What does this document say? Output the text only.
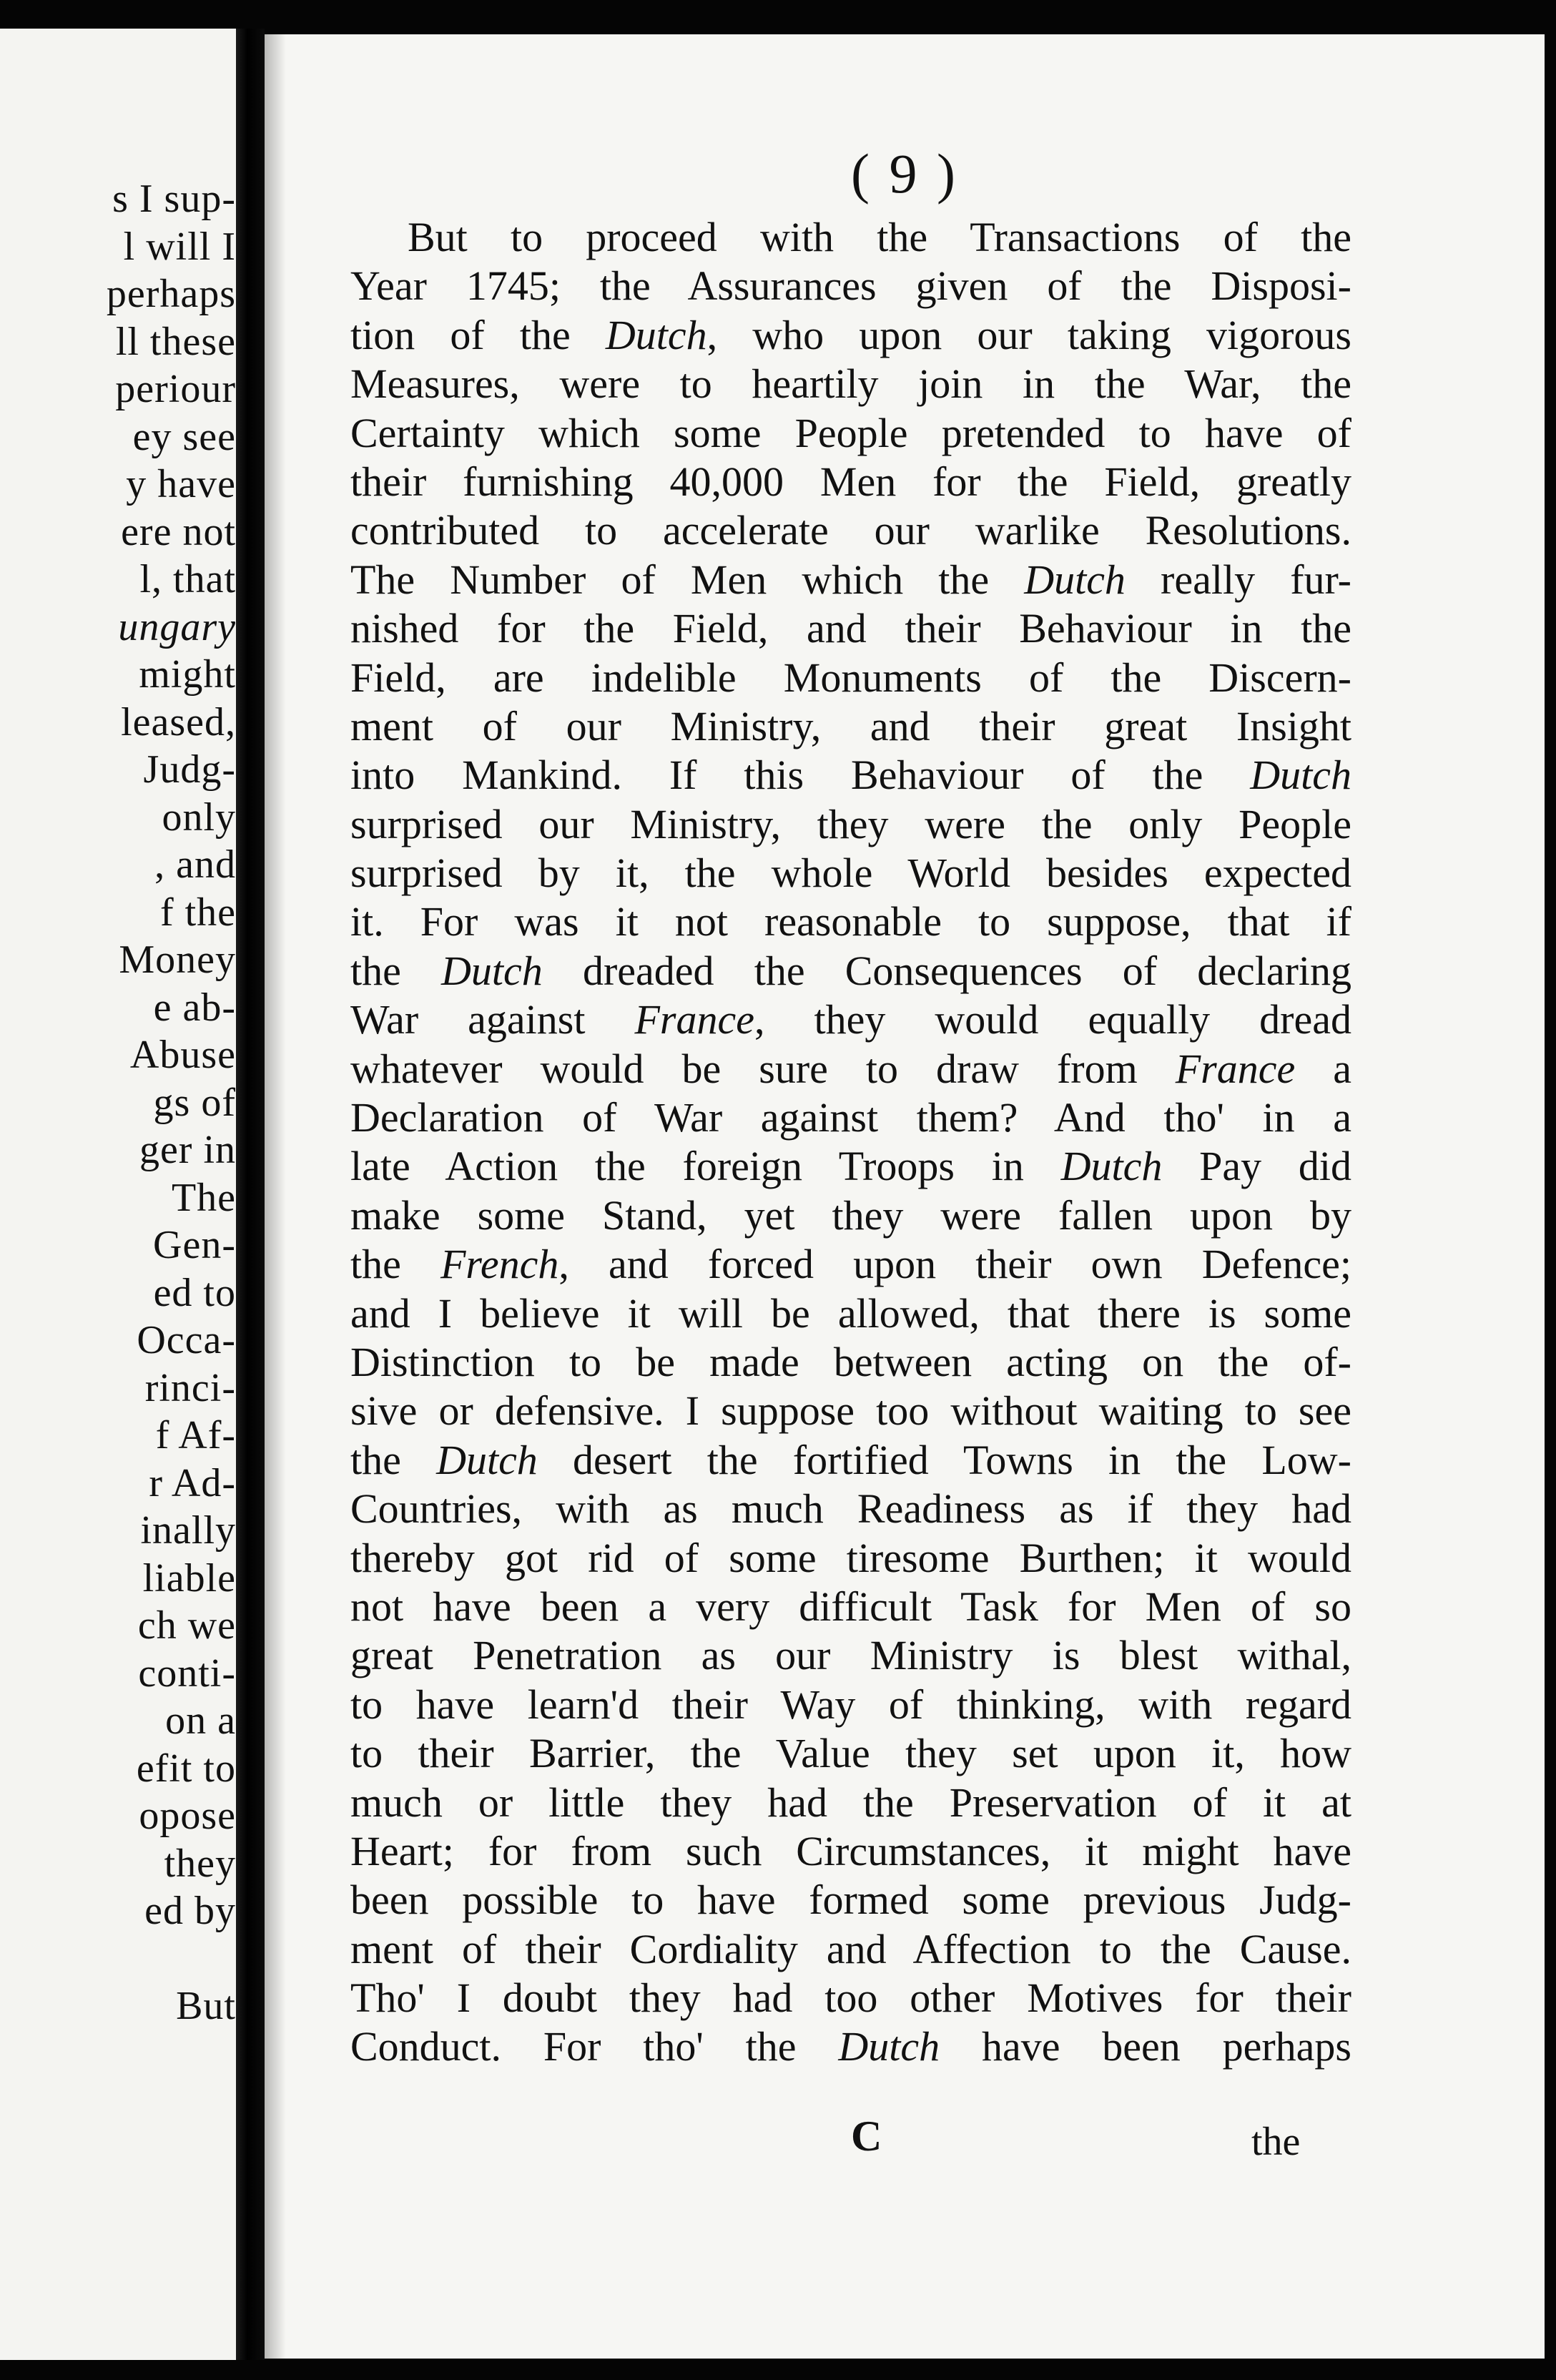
s I sup-
l will I
perhaps
ll these
periour
ey see
y have
ere not
l, that
ungary
might
leased,
Judg-
only
, and
f the
Money
e ab-
Abuse
gs of
ger in
The
Gen-
ed to
Occa-
rinci-
f Af-
r Ad-
inally
liable
ch we
conti-
on a
efit to
opose
they
ed by
But
( 9 )
But to proceed with the Transactions of the
Year 1745; the Assurances given of the Disposi-
tion of the Dutch, who upon our taking vigorous
Measures, were to heartily join in the War, the
Certainty which some People pretended to have of
their furnishing 40,000 Men for the Field, greatly
contributed to accelerate our warlike Resolutions.
The Number of Men which the Dutch really fur-
nished for the Field, and their Behaviour in the
Field, are indelible Monuments of the Discern-
ment of our Ministry, and their great Insight
into Mankind. If this Behaviour of the Dutch
surprised our Ministry, they were the only People
surprised by it, the whole World besides expected
it. For was it not reasonable to suppose, that if
the Dutch dreaded the Consequences of declaring
War against France, they would equally dread
whatever would be sure to draw from France a
Declaration of War against them? And tho' in a
late Action the foreign Troops in Dutch Pay did
make some Stand, yet they were fallen upon by
the French, and forced upon their own Defence;
and I believe it will be allowed, that there is some
Distinction to be made between acting on the of-
sive or defensive. I suppose too without waiting to see
the Dutch desert the fortified Towns in the Low-
Countries, with as much Readiness as if they had
thereby got rid of some tiresome Burthen; it would
not have been a very difficult Task for Men of so
great Penetration as our Ministry is blest withal,
to have learn'd their Way of thinking, with regard
to their Barrier, the Value they set upon it, how
much or little they had the Preservation of it at
Heart; for from such Circumstances, it might have
been possible to have formed some previous Judg-
ment of their Cordiality and Affection to the Cause.
Tho' I doubt they had too other Motives for their
Conduct. For tho' the Dutch have been perhaps
C	the
